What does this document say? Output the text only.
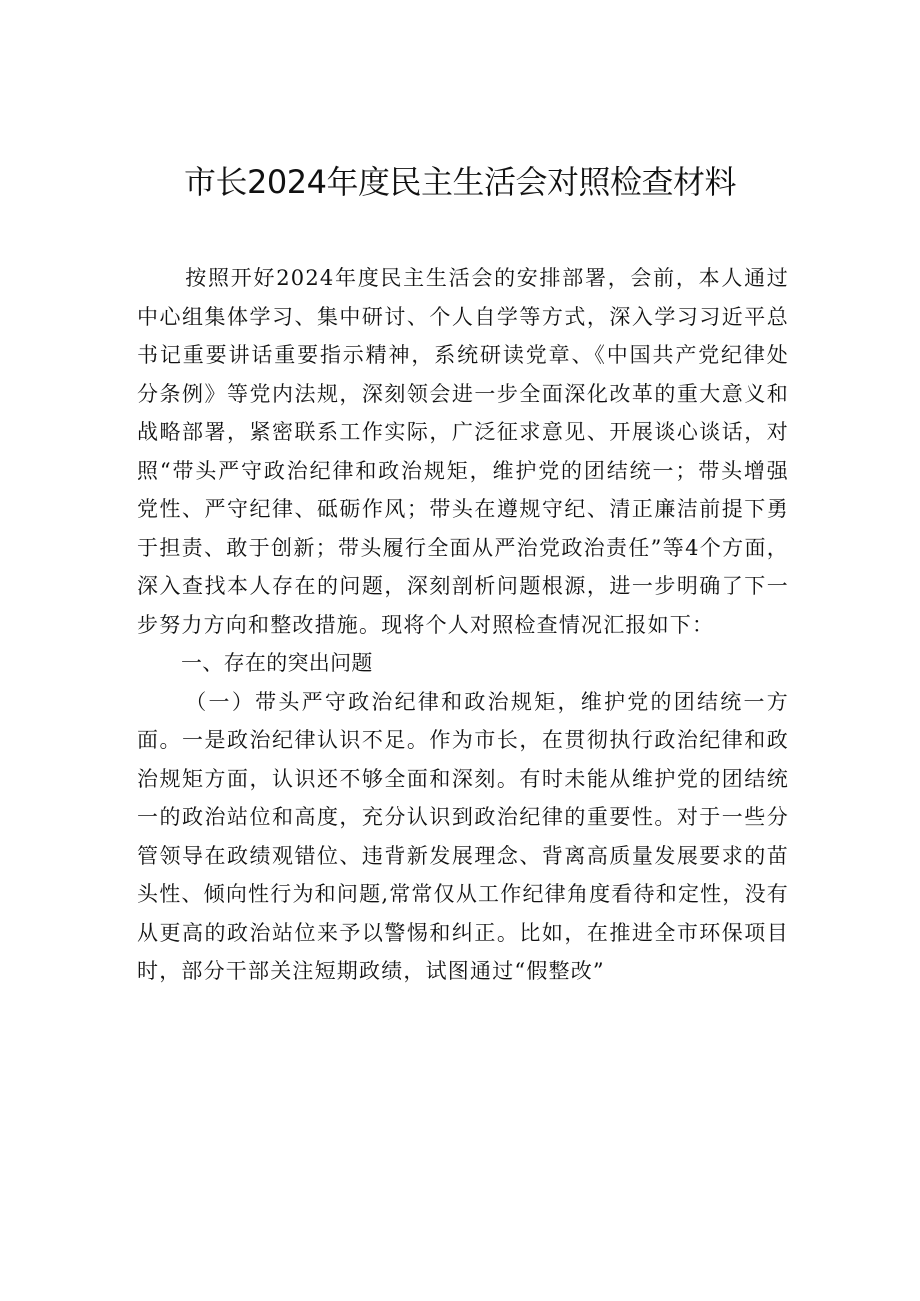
市长2024年度民主生活会对照检查材料

按照开好2024年度民主生活会的安排部署，会前，本人通过中心组集体学习、集中研讨、个人自学等方式，深入学习习近平总书记重要讲话重要指示精神，系统研读党章、《中国共产党纪律处分条例》等党内法规，深刻领会进一步全面深化改革的重大意义和战略部署，紧密联系工作实际，广泛征求意见、开展谈心谈话，对照“带头严守政治纪律和政治规矩，维护党的团结统一；带头增强党性、严守纪律、砥砺作风；带头在遵规守纪、清正廉洁前提下勇于担责、敢于创新；带头履行全面从严治党政治责任”等4个方面，深入查找本人存在的问题，深刻剖析问题根源，进一步明确了下一步努力方向和整改措施。现将个人对照检查情况汇报如下：

一、存在的突出问题

（一）带头严守政治纪律和政治规矩，维护党的团结统一方面。一是政治纪律认识不足。作为市长，在贯彻执行政治纪律和政治规矩方面，认识还不够全面和深刻。有时未能从维护党的团结统一的政治站位和高度，充分认识到政治纪律的重要性。对于一些分管领导在政绩观错位、违背新发展理念、背离高质量发展要求的苗头性、倾向性行为和问题,常常仅从工作纪律角度看待和定性，没有从更高的政治站位来予以警惕和纠正。比如，在推进全市环保项目时，部分干部关注短期政绩，试图通过“假整改”
